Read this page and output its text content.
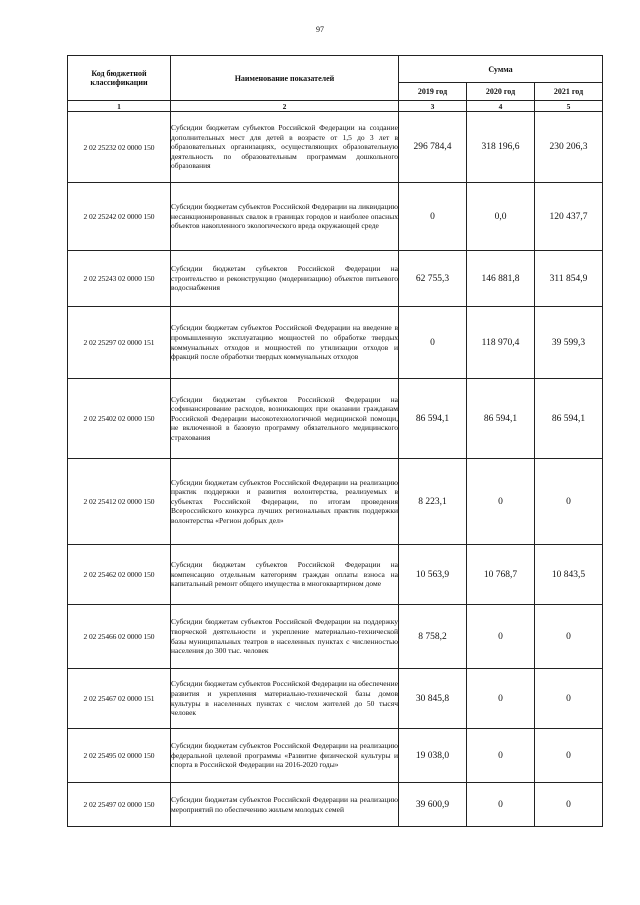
97
Код бюджетной классификации	Наименование показателей	Сумма		
		2019 год	2020 год	2021 год
1	2	3	4	5
2 02 25232 02 0000 150	Субсидии бюджетам субъектов Российской Федерации на создание дополнительных мест для детей в возрасте от 1,5 до 3 лет в образовательных организациях, осуществляющих образовательную деятельность по образовательным программам дошкольного образования	296 784,4	318 196,6	230 206,3
2 02 25242 02 0000 150	Субсидии бюджетам субъектов Российской Федерации на ликвидацию несанкционированных свалок в границах городов и наиболее опасных объектов накопленного экологического вреда окружающей среде	0	0,0	120 437,7
2 02 25243 02 0000 150	Субсидии бюджетам субъектов Российской Федерации на строительство и реконструкцию (модернизацию) объектов питьевого водоснабжения	62 755,3	146 881,8	311 854,9
2 02 25297 02 0000 151	Субсидии бюджетам субъектов Российской Федерации на введение в промышленную эксплуатацию мощностей по обработке твердых коммунальных отходов и мощностей по утилизации отходов и фракций после обработки твердых коммунальных отходов	0	118 970,4	39 599,3
2 02 25402 02 0000 150	Субсидии бюджетам субъектов Российской Федерации на софинансирование расходов, возникающих при оказании гражданам Российской Федерации высокотехнологичной медицинской помощи, не включенной в базовую программу обязательного медицинского страхования	86 594,1	86 594,1	86 594,1
2 02 25412 02 0000 150	Субсидии бюджетам субъектов Российской Федерации на реализацию практик поддержки и развития волонтерства, реализуемых в субъектах Российской Федерации, по итогам проведения Всероссийского конкурса лучших региональных практик поддержки волонтерства «Регион добрых дел»	8 223,1	0	0
2 02 25462 02 0000 150	Субсидии бюджетам субъектов Российской Федерации на компенсацию отдельным категориям граждан оплаты взноса на капитальный ремонт общего имущества в многоквартирном доме	10 563,9	10 768,7	10 843,5
2 02 25466 02 0000 150	Субсидии бюджетам субъектов Российской Федерации на поддержку творческой деятельности и укрепление материально-технической базы муниципальных театров в населенных пунктах с численностью населения до 300 тыс. человек	8 758,2	0	0
2 02 25467 02 0000 151	Субсидии бюджетам субъектов Российской Федерации на обеспечение развития и укрепления материально-технической базы домов культуры в населенных пунктах с числом жителей до 50 тысяч человек	30 845,8	0	0
2 02 25495 02 0000 150	Субсидии бюджетам субъектов Российской Федерации на реализацию федеральной целевой программы «Развитие физической культуры и спорта в Российской Федерации на 2016-2020 годы»	19 038,0	0	0
2 02 25497 02 0000 150	Субсидии бюджетам субъектов Российской Федерации на реализацию мероприятий по обеспечению жильем молодых семей	39 600,9	0	0
